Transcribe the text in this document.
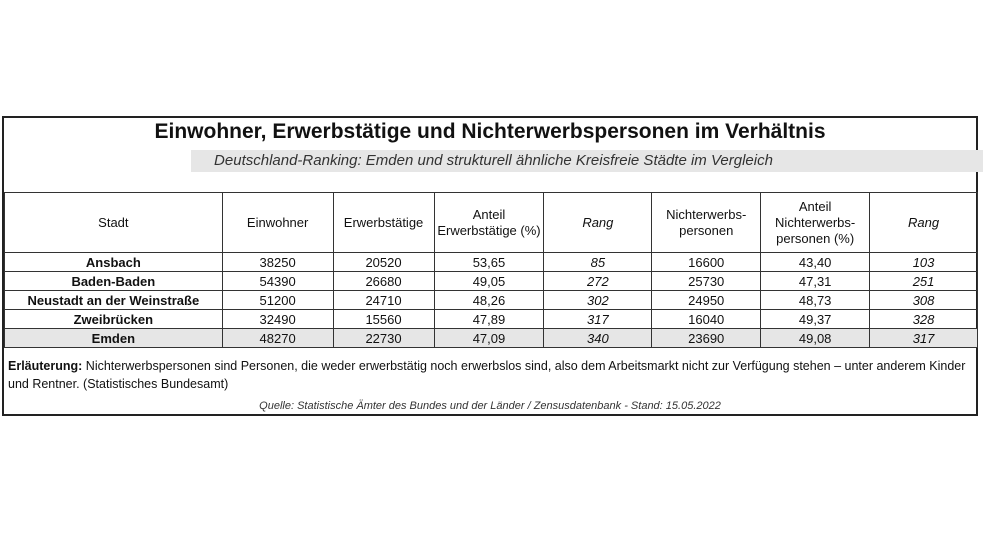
Einwohner, Erwerbstätige und Nichterwerbspersonen im Verhältnis
Deutschland-Ranking: Emden und strukturell ähnliche Kreisfreie Städte im Vergleich
Stadt	Einwohner	Erwerbstätige	Anteil Erwerbstätige (%)	Rang	Nichterwerbs-personen	Anteil Nichterwerbs-personen (%)	Rang
Ansbach	38250	20520	53,65	85	16600	43,40	103
Baden-Baden	54390	26680	49,05	272	25730	47,31	251
Neustadt an der Weinstraße	51200	24710	48,26	302	24950	48,73	308
Zweibrücken	32490	15560	47,89	317	16040	49,37	328
Emden	48270	22730	47,09	340	23690	49,08	317
Erläuterung: Nichterwerbspersonen sind Personen, die weder erwerbstätig noch erwerbslos sind, also dem Arbeitsmarkt nicht zur Verfügung stehen – unter anderem Kinder und Rentner. (Statistisches Bundesamt)
Quelle: Statistische Ämter des Bundes und der Länder / Zensusdatenbank - Stand: 15.05.2022
